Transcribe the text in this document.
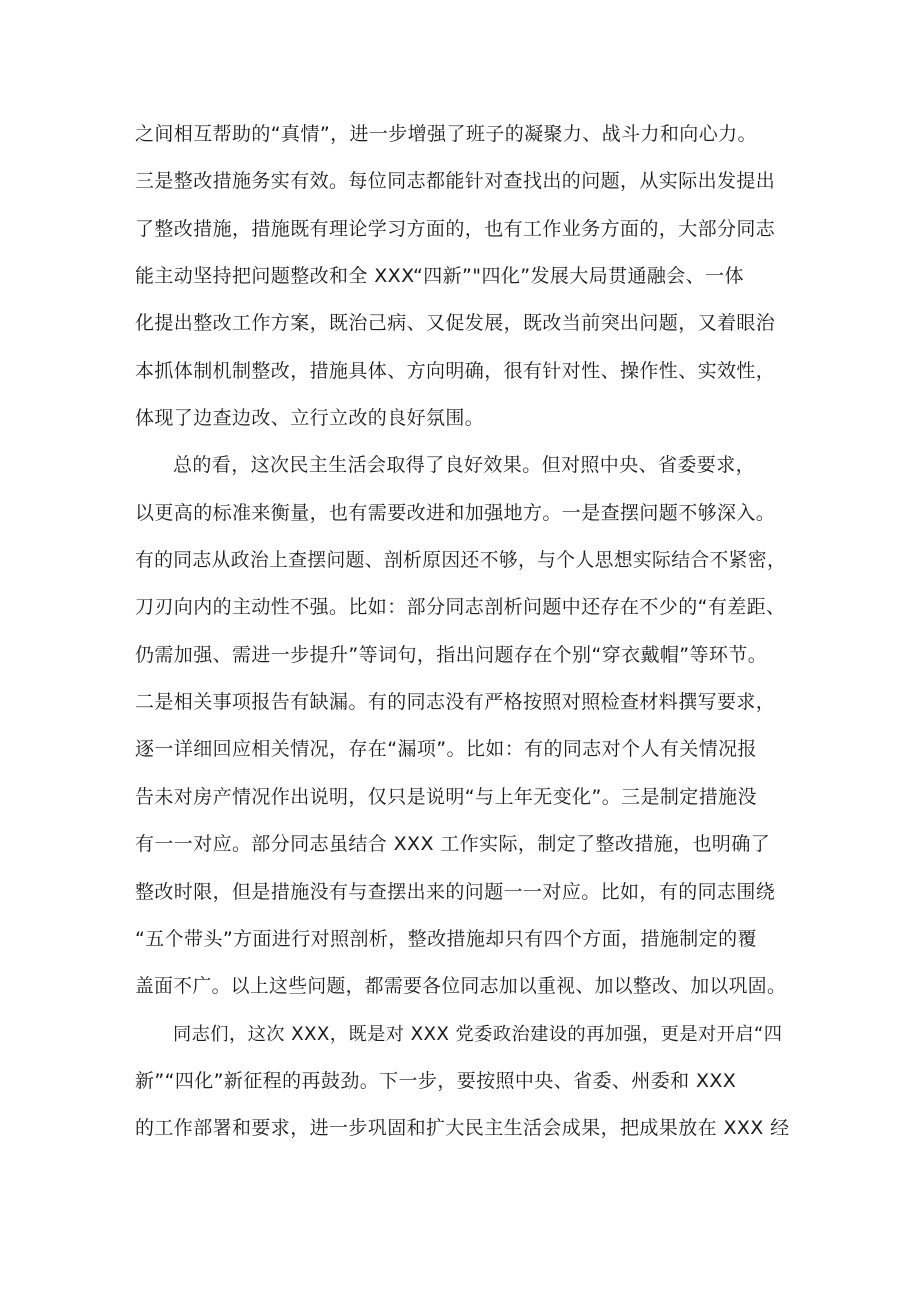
之间相互帮助的“真情”，进一步增强了班子的凝聚力、战斗力和向心力。
三是整改措施务实有效。每位同志都能针对查找出的问题，从实际出发提出
了整改措施，措施既有理论学习方面的，也有工作业务方面的，大部分同志
能主动坚持把问题整改和全 XXX“四新”"四化”发展大局贯通融会、一体
化提出整改工作方案，既治己病、又促发展，既改当前突出问题，又着眼治
本抓体制机制整改，措施具体、方向明确，很有针对性、操作性、实效性，
体现了边查边改、立行立改的良好氛围。
总的看，这次民主生活会取得了良好效果。但对照中央、省委要求，
以更高的标准来衡量，也有需要改进和加强地方。一是查摆问题不够深入。
有的同志从政治上查摆问题、剖析原因还不够，与个人思想实际结合不紧密，
刀刃向内的主动性不强。比如：部分同志剖析问题中还存在不少的“有差距、
仍需加强、需进一步提升”等词句，指出问题存在个别“穿衣戴帽”等环节。
二是相关事项报告有缺漏。有的同志没有严格按照对照检查材料撰写要求，
逐一详细回应相关情况，存在“漏项”。比如：有的同志对个人有关情况报
告未对房产情况作出说明，仅只是说明“与上年无变化”。三是制定措施没
有一一对应。部分同志虽结合 XXX 工作实际，制定了整改措施，也明确了
整改时限，但是措施没有与查摆出来的问题一一对应。比如，有的同志围绕
“五个带头”方面进行对照剖析，整改措施却只有四个方面，措施制定的覆
盖面不广。以上这些问题，都需要各位同志加以重视、加以整改、加以巩固。
同志们，这次 XXX，既是对 XXX 党委政治建设的再加强，更是对开启“四
新”“四化”新征程的再鼓劲。下一步，要按照中央、省委、州委和 XXX
的工作部署和要求，进一步巩固和扩大民主生活会成果，把成果放在 XXX 经
